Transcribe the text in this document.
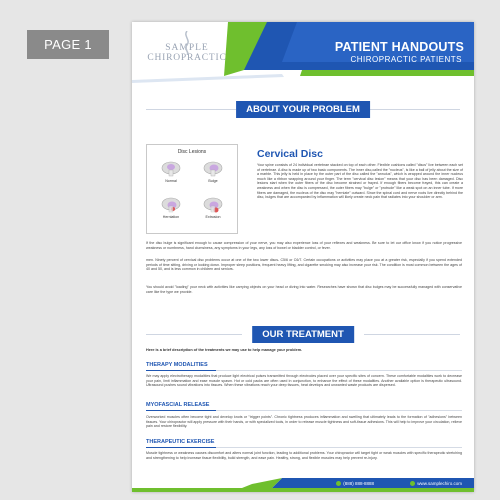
PAGE 1	SAMPLE
CHIROPRACTIC
PATIENT HANDOUTS
CHIROPRACTIC PATIENTS
ABOUT YOUR PROBLEM
Disc Lesions
Normal	Bulge
Herniation	Extrusion
Cervical Disc
Your spine consists of 24 individual vertebrae stacked on top of each other. Flexible cushions called "discs" live between each set of vertebrae. A disc is made up of two basic components. The inner disc,called the "nucleus", is like a ball of jelly about the size of a marble. This jelly is held in place by the outer part of the disc called the "annulus", which is wrapped around the inner nucleus much like a ribbon wrapping around your finger. The term "cervical disc lesion" means that your disc has been damaged. Disc lesions start when the outer fibers of the disc become strained or frayed. If enough fibers become frayed, this can create a weakness and when the disc is compressed, the outer fibers may "bulge" or "protrude" like a weak spot on an inner tube. If more fibers are damaged, the nucleus of the disc may "herniate" outward. Since the spinal cord and nerve roots live directly behind the disc, bulges that are accompanied by inflammation will likely create neck pain that radiates into your shoulder or arm.
If the disc bulge is significant enough to cause compression of your nerve, you may also experience loss of your reflexes and weakness. Be sure to let our office know if you notice progressive weakness or numbness, hand clumsiness, any symptoms in your legs, any loss of bowel or bladder control, or fever.
men. Ninety percent of cervical disc problems occur at one of the two lower discs- C5/6 or C6/7. Certain occupations or activities may place you at a greater risk, especially if you spend extended periods of time sitting, driving or looking down. Improper sleep positions, frequent heavy lifting, and cigarette smoking may also increase your risk. The condition is most common between the ages of 40 and 50, and is less common in children and seniors.
You should avoid "loading" your neck with activities like carrying objects on your head or diving into water. Researches have shown that disc bulges may be successfully managed with conservative care like the type we provide.
OUR TREATMENT
Here is a brief description of the treatments we may use to help manage your problem.
THERAPY MODALITIES
We may apply electrotherapy modalities that produce light electrical pulses transmitted through electrodes placed over your specific sites of concern. These comfortable modalities work to decrease your pain, limit inflammation and ease muscle spasm. Hot or cold packs are often used in conjunction, to enhance the effect of these modalities. Another available option is therapeutic ultrasound. Ultrasound pushes sound vibrations into tissues. When these vibrations reach your deep tissues, heat develops and unwanted waste products are dispersed.
MYOFASCIAL RELEASE
Overworked muscles often become tight and develop knots or "trigger points". Chronic tightness produces inflammation and swelling that ultimately leads to the formation of "adhesions" between tissues. Your chiropractor will apply pressure with their hands, or with specialized tools, in order to release muscle tightness and soft-tissue adhesions. This will help to improve your circulation, relieve pain and restore flexibility.
THERAPEUTIC EXERCISE
Muscle tightness or weakness causes discomfort and alters normal joint function, leading to additional problems. Your chiropractor will target tight or weak muscles with specific therapeutic stretching and strengthening to help increase tissue flexibility, build strength, and ease pain. Healthy, strong, and flexible muscles may help prevent re-injury.
(888) 888-8888	www.samplechiro.com
